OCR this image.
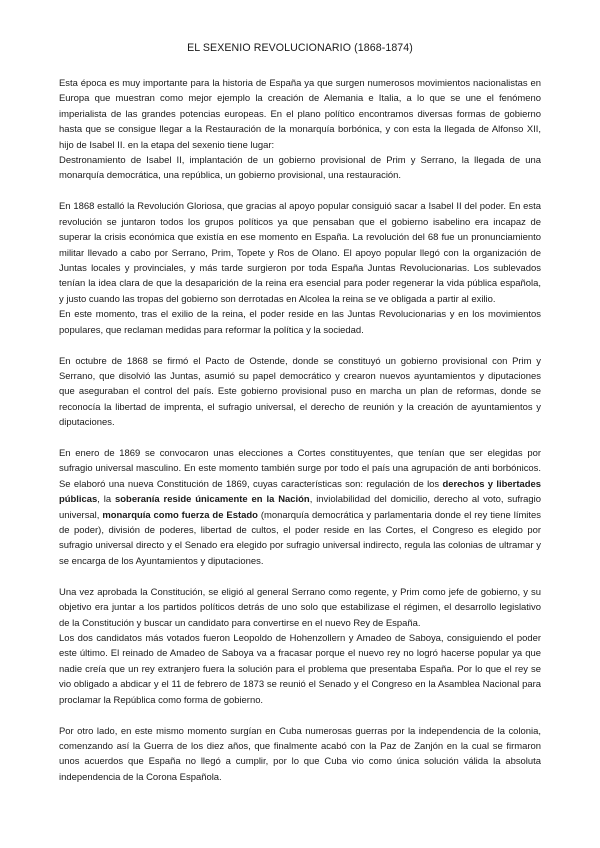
EL SEXENIO REVOLUCIONARIO (1868-1874)

Esta época es muy importante para la historia de España ya que surgen numerosos movimientos nacionalistas en Europa que muestran como mejor ejemplo la creación de Alemania e Italia, a lo que se une el fenómeno imperialista de las grandes potencias europeas. En el plano político encontramos diversas formas de gobierno hasta que se consigue llegar a la Restauración de la monarquía borbónica, y con esta la llegada de Alfonso XII, hijo de Isabel II. en la etapa del sexenio tiene lugar:
Destronamiento de Isabel II, implantación de un gobierno provisional de Prim y Serrano, la llegada de una monarquía democrática, una república, un gobierno provisional, una restauración.

En 1868 estalló la Revolución Gloriosa, que gracias al apoyo popular consiguió sacar a Isabel II del poder. En esta revolución se juntaron todos los grupos políticos ya que pensaban que el gobierno isabelino era incapaz de superar la crisis económica que existía en ese momento en España. La revolución del 68 fue un pronunciamiento militar llevado a cabo por Serrano, Prim, Topete y Ros de Olano. El apoyo popular llegó con la organización de Juntas locales y provinciales, y más tarde surgieron por toda España Juntas Revolucionarias. Los sublevados tenían la idea clara de que la desaparición de la reina era esencial para poder regenerar la vida pública española, y justo cuando las tropas del gobierno son derrotadas en Alcolea la reina se ve obligada a partir al exilio.
En este momento, tras el exilio de la reina, el poder reside en las Juntas Revolucionarias y en los movimientos populares, que reclaman medidas para reformar la política y la sociedad.

En octubre de 1868 se firmó el Pacto de Ostende, donde se constituyó un gobierno provisional con Prim y Serrano, que disolvió las Juntas, asumió su papel democrático y crearon nuevos ayuntamientos y diputaciones que aseguraban el control del país. Este gobierno provisional puso en marcha un plan de reformas, donde se reconocía la libertad de imprenta, el sufragio universal, el derecho de reunión y la creación de ayuntamientos y diputaciones.

En enero de 1869 se convocaron unas elecciones a Cortes constituyentes, que tenían que ser elegidas por sufragio universal masculino. En este momento también surge por todo el país una agrupación de anti borbónicos. Se elaboró una nueva Constitución de 1869, cuyas características son: regulación de los derechos y libertades públicas, la soberanía reside únicamente en la Nación, inviolabilidad del domicilio, derecho al voto, sufragio universal, monarquía como fuerza de Estado (monarquía democrática y parlamentaria donde el rey tiene límites de poder), división de poderes, libertad de cultos, el poder reside en las Cortes, el Congreso es elegido por sufragio universal directo y el Senado era elegido por sufragio universal indirecto, regula las colonias de ultramar y se encarga de los Ayuntamientos y diputaciones.

Una vez aprobada la Constitución, se eligió al general Serrano como regente, y Prim como jefe de gobierno, y su objetivo era juntar a los partidos políticos detrás de uno solo que estabilizase el régimen, el desarrollo legislativo de la Constitución y buscar un candidato para convertirse en el nuevo Rey de España.
Los dos candidatos más votados fueron Leopoldo de Hohenzollern y Amadeo de Saboya, consiguiendo el poder este último. El reinado de Amadeo de Saboya va a fracasar porque el nuevo rey no logró hacerse popular ya que nadie creía que un rey extranjero fuera la solución para el problema que presentaba España. Por lo que el rey se vio obligado a abdicar y el 11 de febrero de 1873 se reunió el Senado y el Congreso en la Asamblea Nacional para proclamar la República como forma de gobierno.

Por otro lado, en este mismo momento surgían en Cuba numerosas guerras por la independencia de la colonia, comenzando así la Guerra de los diez años, que finalmente acabó con la Paz de Zanjón en la cual se firmaron unos acuerdos que España no llegó a cumplir, por lo que Cuba vio como única solución válida la absoluta independencia de la Corona Española.
